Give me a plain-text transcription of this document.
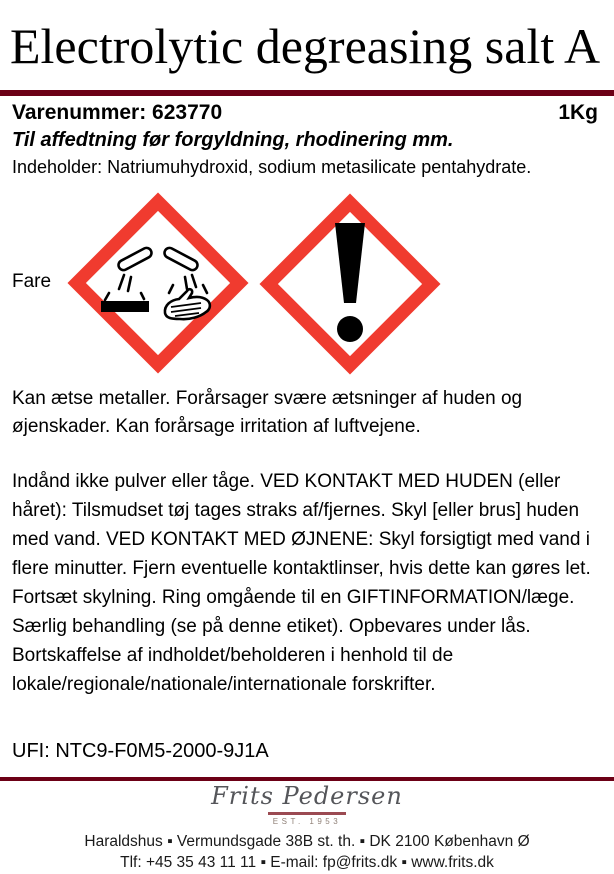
Electrolytic degreasing salt A
Varenummer: 623770	1Kg
Til affedtning før forgyldning, rhodinering mm.
Indeholder: Natriumuhydroxid, sodium metasilicate pentahydrate.
Fare

Kan ætse metaller. Forårsager svære ætsninger af huden og øjenskader. Kan forårsage irritation af luftvejene.

Indånd ikke pulver eller tåge. VED KONTAKT MED HUDEN (eller håret): Tilsmudset tøj tages straks af/fjernes. Skyl [eller brus] huden med vand. VED KONTAKT MED ØJNENE: Skyl forsigtigt med vand i flere minutter. Fjern eventuelle kontaktlinser, hvis dette kan gøres let. Fortsæt skylning. Ring omgående til en GIFTINFORMATION/læge. Særlig behandling (se på denne etiket). Opbevares under lås. Bortskaffelse af indholdet/beholderen i henhold til de lokale/regionale/nationale/internationale forskrifter.

UFI: NTC9-F0M5-2000-9J1A

Frits Pedersen
EST. 1953
Haraldshus ▪ Vermundsgade 38B st. th. ▪ DK 2100 København Ø
Tlf: +45 35 43 11 11 ▪ E-mail: fp@frits.dk ▪ www.frits.dk
